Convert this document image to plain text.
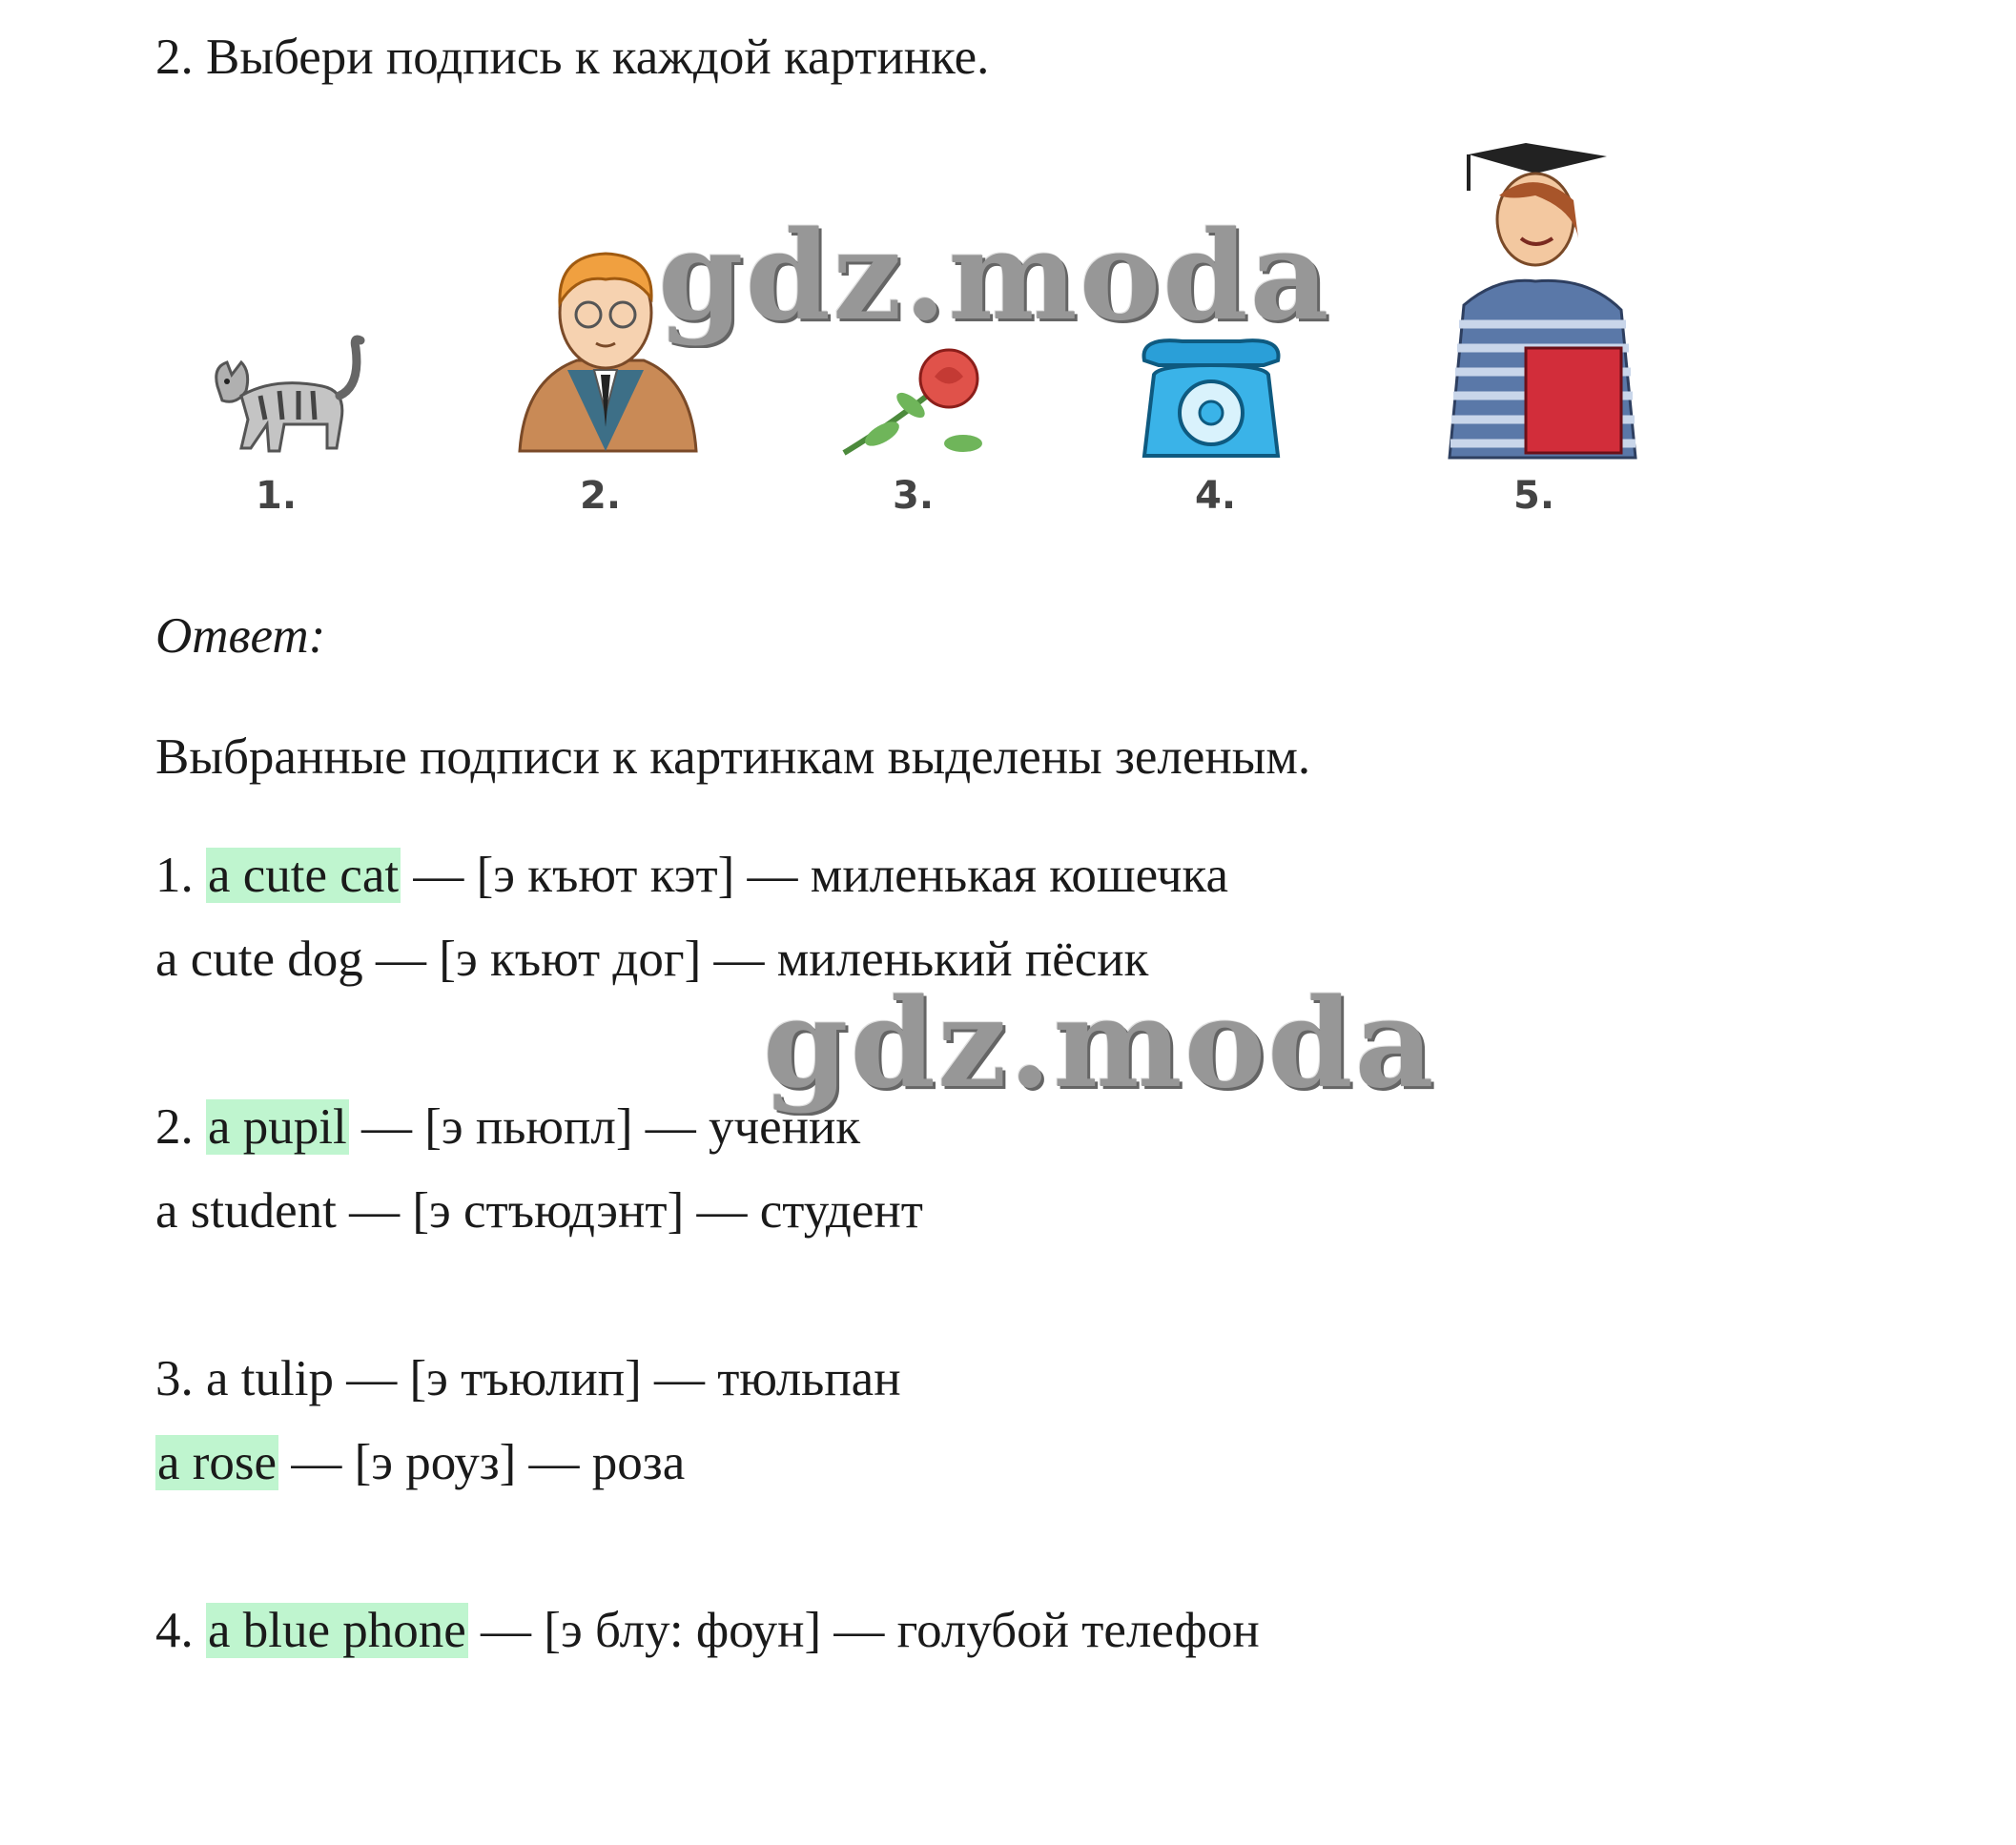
2. Выбери подпись к каждой картинке.
1.	2.	3.	4.	5.
gdz.moda
gdz.moda
Ответ:
Выбранные подписи к картинкам выделены зеленым.
1. a cute cat — [э къют кэт] — миленькая кошечка
a cute dog — [э къют дог] — миленький пёсик
2. a pupil — [э пьюпл] — ученик
a student — [э стъюдэнт] — студент
3. a tulip — [э тъюлип] — тюльпан
a rose — [э роуз] — роза
4. a blue phone — [э блу: фоун] — голубой телефон
